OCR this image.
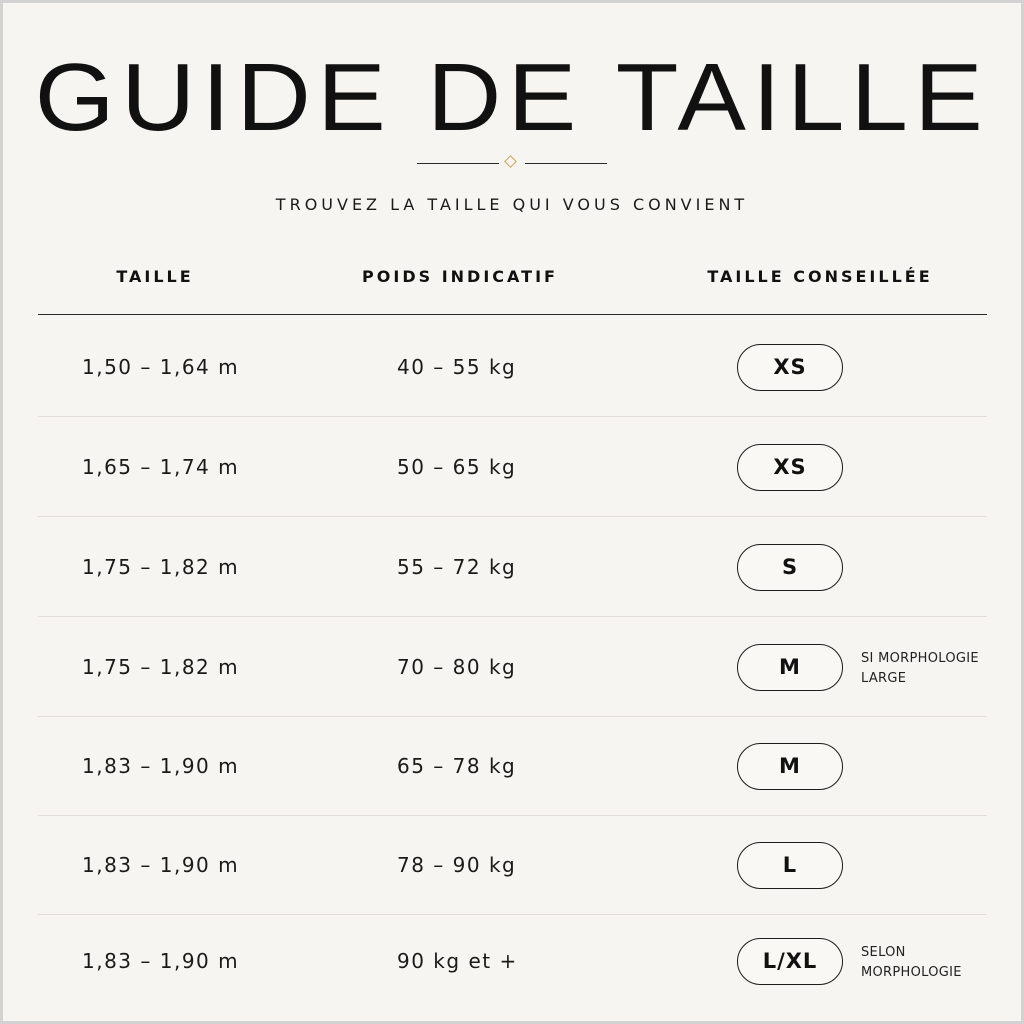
GUIDE DE TAILLE
TROUVEZ LA TAILLE QUI VOUS CONVIENT
TAILLE	POIDS INDICATIF	TAILLE CONSEILLÉE
1,50 – 1,64 m	40 – 55 kg	XS
1,65 – 1,74 m	50 – 65 kg	XS
1,75 – 1,82 m	55 – 72 kg	S
1,75 – 1,82 m	70 – 80 kg	M	SI MORPHOLOGIE LARGE
1,83 – 1,90 m	65 – 78 kg	M
1,83 – 1,90 m	78 – 90 kg	L
1,83 – 1,90 m	90 kg et +	L/XL	SELON MORPHOLOGIE
